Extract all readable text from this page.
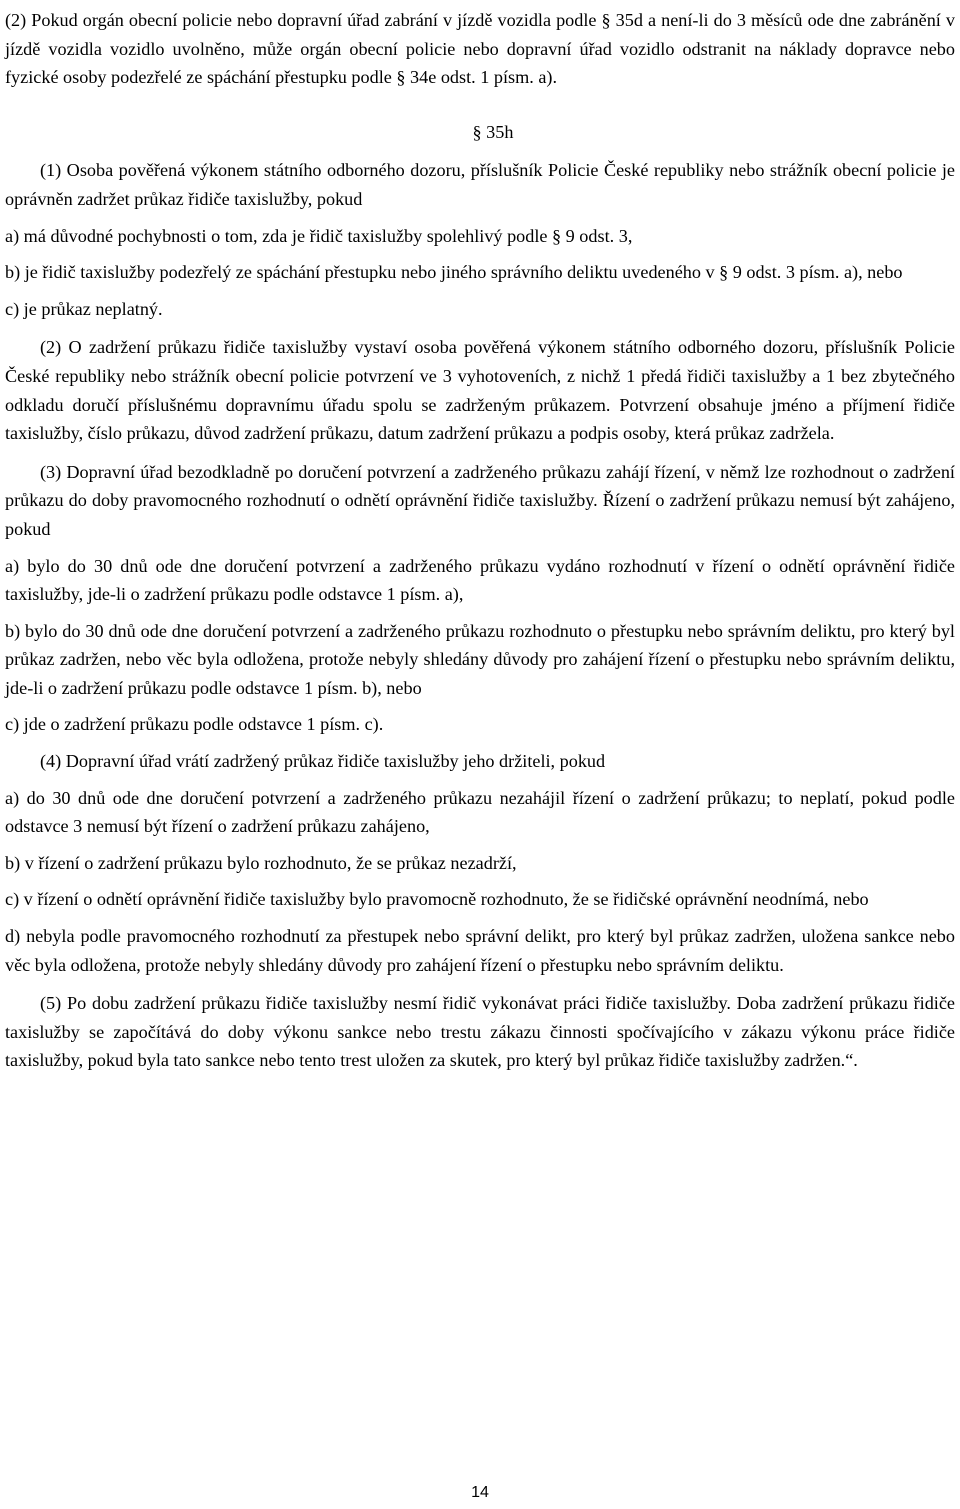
(2) Pokud orgán obecní policie nebo dopravní úřad zabrání v jízdě vozidla podle § 35d a není-li do 3 měsíců ode dne zabránění v jízdě vozidla vozidlo uvolněno, může orgán obecní policie nebo dopravní úřad vozidlo odstranit na náklady dopravce nebo fyzické osoby podezřelé ze spáchání přestupku podle § 34e odst. 1 písm. a).

§ 35h

(1) Osoba pověřená výkonem státního odborného dozoru, příslušník Policie České republiky nebo strážník obecní policie je oprávněn zadržet průkaz řidiče taxislužby, pokud

a) má důvodné pochybnosti o tom, zda je řidič taxislužby spolehlivý podle § 9 odst. 3,

b) je řidič taxislužby podezřelý ze spáchání přestupku nebo jiného správního deliktu uvedeného v § 9 odst. 3 písm. a), nebo

c) je průkaz neplatný.

(2) O zadržení průkazu řidiče taxislužby vystaví osoba pověřená výkonem státního odborného dozoru, příslušník Policie České republiky nebo strážník obecní policie potvrzení ve 3 vyhotoveních, z nichž 1 předá řidiči taxislužby a 1 bez zbytečného odkladu doručí příslušnému dopravnímu úřadu spolu se zadrženým průkazem. Potvrzení obsahuje jméno a příjmení řidiče taxislužby, číslo průkazu, důvod zadržení průkazu, datum zadržení průkazu a podpis osoby, která průkaz zadržela.

(3) Dopravní úřad bezodkladně po doručení potvrzení a zadrženého průkazu zahájí řízení, v němž lze rozhodnout o zadržení průkazu do doby pravomocného rozhodnutí o odnětí oprávnění řidiče taxislužby. Řízení o zadržení průkazu nemusí být zahájeno, pokud

a) bylo do 30 dnů ode dne doručení potvrzení a zadrženého průkazu vydáno rozhodnutí v řízení o odnětí oprávnění řidiče taxislužby, jde-li o zadržení průkazu podle odstavce 1 písm. a),

b) bylo do 30 dnů ode dne doručení potvrzení a zadrženého průkazu rozhodnuto o přestupku nebo správním deliktu, pro který byl průkaz zadržen, nebo věc byla odložena, protože nebyly shledány důvody pro zahájení řízení o přestupku nebo správním deliktu, jde-li o zadržení průkazu podle odstavce 1 písm. b), nebo

c) jde o zadržení průkazu podle odstavce 1 písm. c).

(4) Dopravní úřad vrátí zadržený průkaz řidiče taxislužby jeho držiteli, pokud

a) do 30 dnů ode dne doručení potvrzení a zadrženého průkazu nezahájil řízení o zadržení průkazu; to neplatí, pokud podle odstavce 3 nemusí být řízení o zadržení průkazu zahájeno,

b) v řízení o zadržení průkazu bylo rozhodnuto, že se průkaz nezadrží,

c) v řízení o odnětí oprávnění řidiče taxislužby bylo pravomocně rozhodnuto, že se řidičské oprávnění neodnímá, nebo

d) nebyla podle pravomocného rozhodnutí za přestupek nebo správní delikt, pro který byl průkaz zadržen, uložena sankce nebo věc byla odložena, protože nebyly shledány důvody pro zahájení řízení o přestupku nebo správním deliktu.

(5) Po dobu zadržení průkazu řidiče taxislužby nesmí řidič vykonávat práci řidiče taxislužby. Doba zadržení průkazu řidiče taxislužby se započítává do doby výkonu sankce nebo trestu zákazu činnosti spočívajícího v zákazu výkonu práce řidiče taxislužby, pokud byla tato sankce nebo tento trest uložen za skutek, pro který byl průkaz řidiče taxislužby zadržen.“.

14
